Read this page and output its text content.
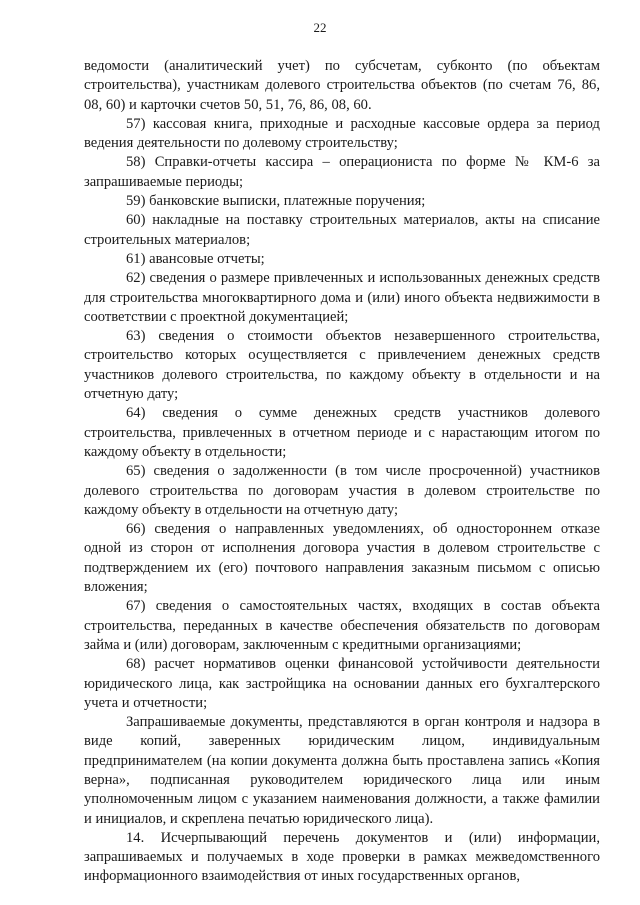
22

ведомости (аналитический учет) по субсчетам, субконто (по объектам строительства), участникам долевого строительства объектов (по счетам 76, 86, 08, 60) и карточки счетов 50, 51, 76, 86, 08, 60.

57) кассовая книга, приходные и расходные кассовые ордера за период ведения деятельности по долевому строительству;

58) Справки-отчеты кассира – операциониста по форме № КМ-6 за запрашиваемые периоды;

59) банковские выписки, платежные поручения;

60) накладные на поставку строительных материалов, акты на списание строительных материалов;

61) авансовые отчеты;

62) сведения о размере привлеченных и использованных денежных средств для строительства многоквартирного дома и (или) иного объекта недвижимости в соответствии с проектной документацией;

63) сведения о стоимости объектов незавершенного строительства, строительство которых осуществляется с привлечением денежных средств участников долевого строительства, по каждому объекту в отдельности и на отчетную дату;

64) сведения о сумме денежных средств участников долевого строительства, привлеченных в отчетном периоде и с нарастающим итогом по каждому объекту в отдельности;

65) сведения о задолженности (в том числе просроченной) участников долевого строительства по договорам участия в долевом строительстве по каждому объекту в отдельности на отчетную дату;

66) сведения о направленных уведомлениях, об одностороннем отказе одной из сторон от исполнения договора участия в долевом строительстве с подтверждением их (его) почтового направления заказным письмом с описью вложения;

67) сведения о самостоятельных частях, входящих в состав объекта строительства, переданных в качестве обеспечения обязательств по договорам займа и (или) договорам, заключенным с кредитными организациями;

68) расчет нормативов оценки финансовой устойчивости деятельности юридического лица, как застройщика на основании данных его бухгалтерского учета и отчетности;

Запрашиваемые документы, представляются в орган контроля и надзора в виде копий, заверенных юридическим лицом, индивидуальным предпринимателем (на копии документа должна быть проставлена запись «Копия верна», подписанная руководителем юридического лица или иным уполномоченным лицом с указанием наименования должности, а также фамилии и инициалов, и скреплена печатью юридического лица).

14. Исчерпывающий перечень документов и (или) информации, запрашиваемых и получаемых в ходе проверки в рамках межведомственного информационного взаимодействия от иных государственных органов,
